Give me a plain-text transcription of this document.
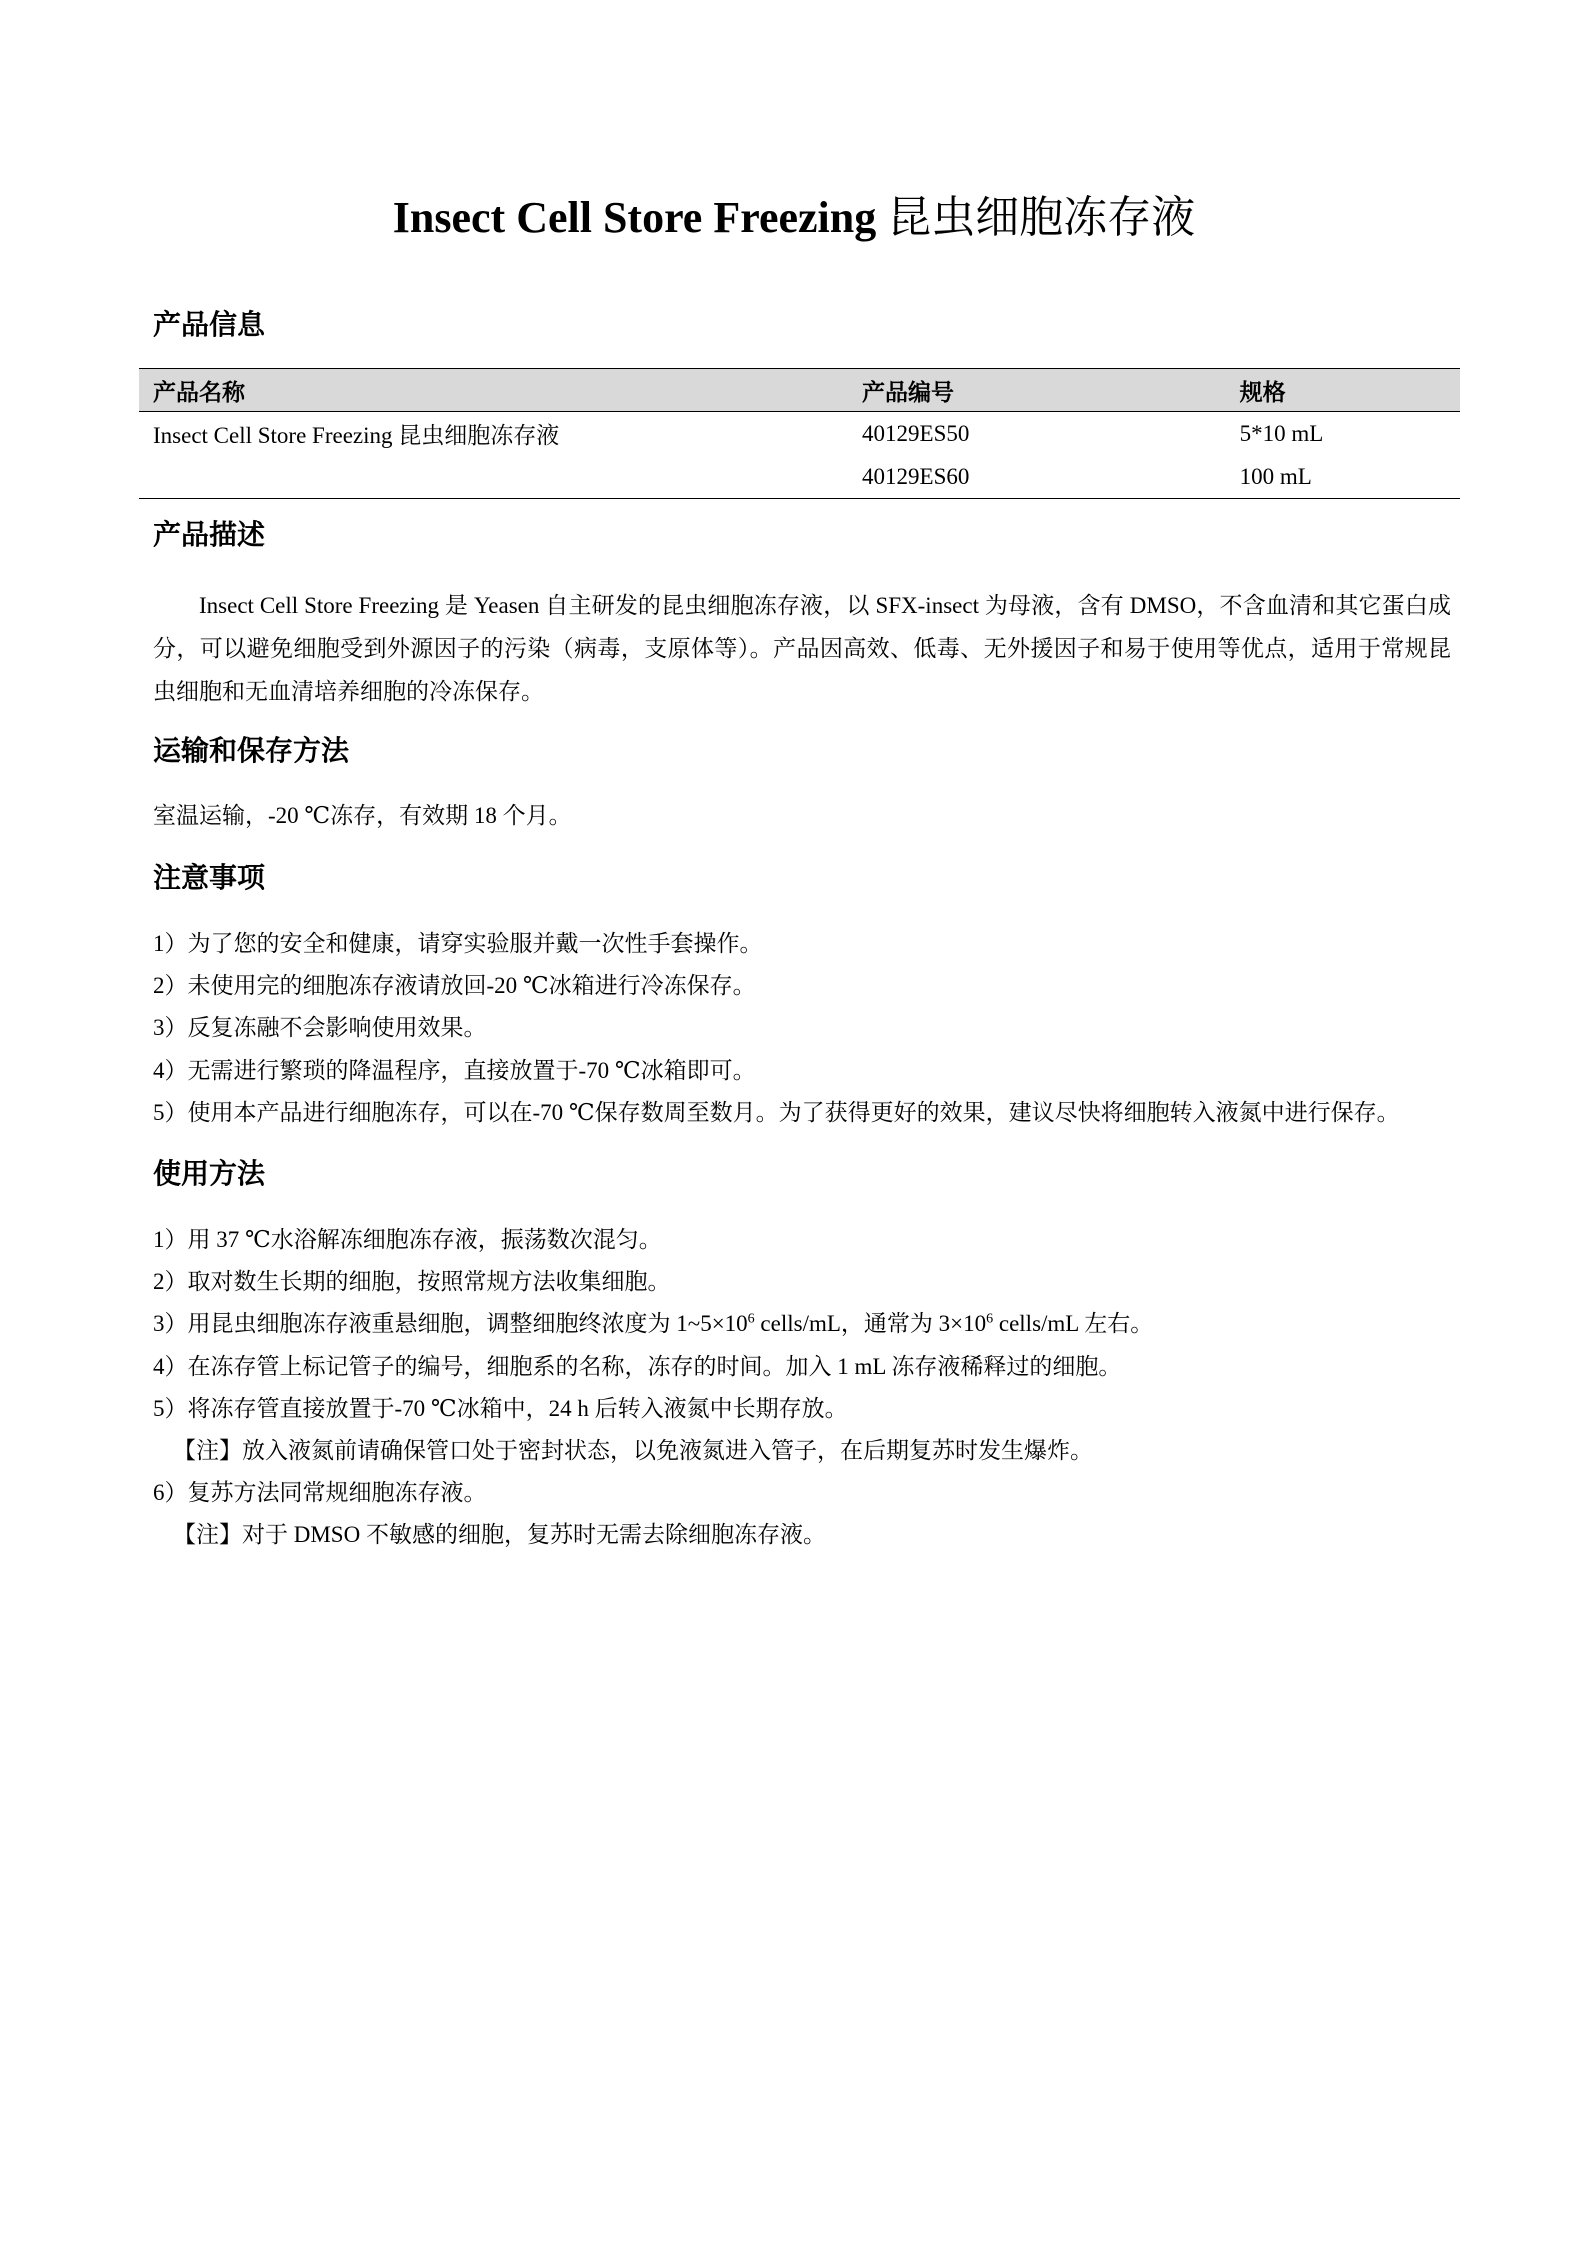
Insect Cell Store Freezing 昆虫细胞冻存液
产品信息
产品名称	产品编号	规格
Insect Cell Store Freezing 昆虫细胞冻存液	40129ES50	5*10 mL
	40129ES60	100 mL
产品描述
Insect Cell Store Freezing 是 Yeasen 自主研发的昆虫细胞冻存液，以 SFX-insect 为母液，含有 DMSO，不含血清和其它蛋白成分，可以避免细胞受到外源因子的污染（病毒，支原体等）。产品因高效、低毒、无外援因子和易于使用等优点，适用于常规昆虫细胞和无血清培养细胞的冷冻保存。
运输和保存方法
室温运输，-20 ℃冻存，有效期 18 个月。
注意事项
1）为了您的安全和健康，请穿实验服并戴一次性手套操作。
2）未使用完的细胞冻存液请放回-20 ℃冰箱进行冷冻保存。
3）反复冻融不会影响使用效果。
4）无需进行繁琐的降温程序，直接放置于-70 ℃冰箱即可。
5）使用本产品进行细胞冻存，可以在-70 ℃保存数周至数月。为了获得更好的效果，建议尽快将细胞转入液氮中进行保存。
使用方法
1）用 37 ℃水浴解冻细胞冻存液，振荡数次混匀。
2）取对数生长期的细胞，按照常规方法收集细胞。
3）用昆虫细胞冻存液重悬细胞，调整细胞终浓度为 $1\sim 5\times 10^6$ cells/mL，通常为 $3\times 10^6$ cells/mL 左右。
4）在冻存管上标记管子的编号，细胞系的名称，冻存的时间。加入 1 mL 冻存液稀释过的细胞。
5）将冻存管直接放置于-70 ℃冰箱中，24 h 后转入液氮中长期存放。
【注】放入液氮前请确保管口处于密封状态，以免液氮进入管子，在后期复苏时发生爆炸。
6）复苏方法同常规细胞冻存液。
【注】对于 DMSO 不敏感的细胞，复苏时无需去除细胞冻存液。
